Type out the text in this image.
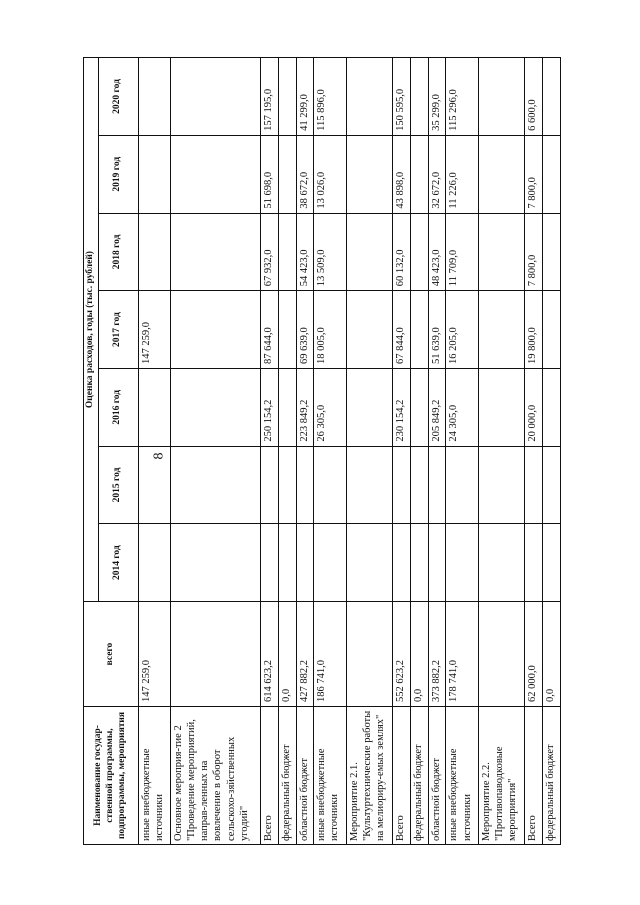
8
Наименование государ-ственной программы, подпрограммы, мероприятия	всего	Оценка расходов, годы (тыс. рублей)						
		2014 год	2015 год	2016 год	2017 год	2018 год	2019 год	2020 год
иные внебюджетные источники	147 259,0				147 259,0			
Основное мероприя-тие 2 "Проведение мероприятий, направ-ленных на вовлечение в оборот сельскохо-зяйственных угодий"								
Всего	614 623,2			250 154,2	87 644,0	67 932,0	51 698,0	157 195,0
федеральный бюджет	0,0							
областной бюджет	427 882,2			223 849,2	69 639,0	54 423,0	38 672,0	41 299,0
иные внебюджетные источники	186 741,0			26 305,0	18 005,0	13 509,0	13 026,0	115 896,0
Мероприятие 2.1. "Культуртехнические работы на мелиориру-емых землях"								
Всего	552 623,2			230 154,2	67 844,0	60 132,0	43 898,0	150 595,0
федеральный бюджет	0,0							
областной бюджет	373 882,2			205 849,2	51 639,0	48 423,0	32 672,0	35 299,0
иные внебюджетные источники	178 741,0			24 305,0	16 205,0	11 709,0	11 226,0	115 296,0
Мероприятие 2.2. "Противопаводковые мероприятия"								
Всего	62 000,0			20 000,0	19 800,0	7 800,0	7 800,0	6 600,0
федеральный бюджет	0,0							
